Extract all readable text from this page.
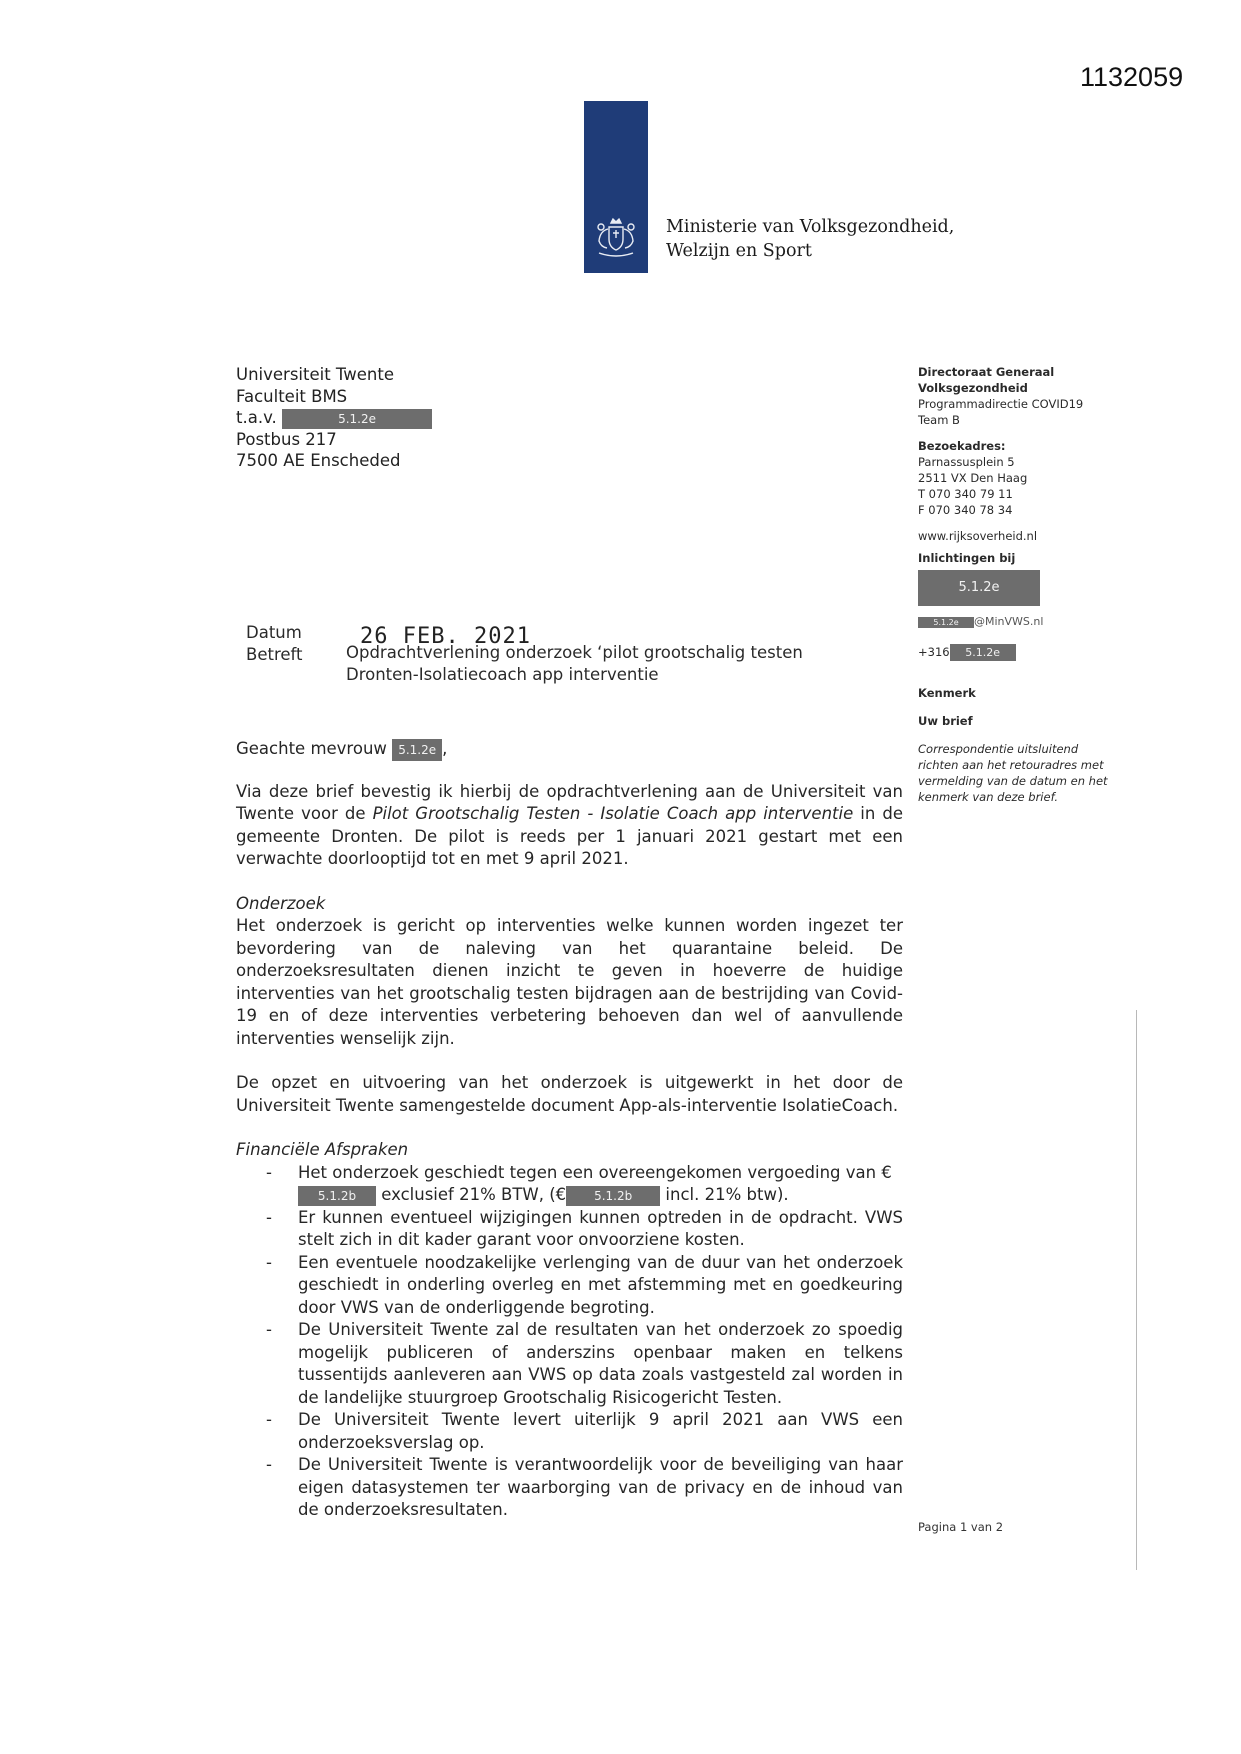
1132059
Ministerie van Volksgezondheid,
Welzijn en Sport
Universiteit Twente
Faculteit BMS
t.a.v.	5.1.2e
Postbus 217
7500 AE Enscheded
Directoraat Generaal
Volksgezondheid
Programmadirectie COVID19
Team B
Bezoekadres:
Parnassusplein 5
2511 VX Den Haag
T 070 340 79 11
F 070 340 78 34
www.rijksoverheid.nl
Inlichtingen bij
5.1.2e
5.1.2e @MinVWS.nl
+316 5.1.2e
Kenmerk
Uw brief
Correspondentie uitsluitend richten aan het retouradres met vermelding van de datum en het kenmerk van deze brief.
Datum
Betreft
26 FEB. 2021
Opdrachtverlening onderzoek ‘pilot grootschalig testen
Dronten-Isolatiecoach app interventie

Geachte mevrouw 5.1.2e ,

Via deze brief bevestig ik hierbij de opdrachtverlening aan de Universiteit van Twente voor de Pilot Grootschalig Testen - Isolatie Coach app interventie in de gemeente Dronten. De pilot is reeds per 1 januari 2021 gestart met een verwachte doorlooptijd tot en met 9 april 2021.

Onderzoek

Het onderzoek is gericht op interventies welke kunnen worden ingezet ter bevordering van de naleving van het quarantaine beleid. De onderzoeksresultaten dienen inzicht te geven in hoeverre de huidige interventies van het grootschalig testen bijdragen aan de bestrijding van Covid-19 en of deze interventies verbetering behoeven dan wel of aanvullende interventies wenselijk zijn.

De opzet en uitvoering van het onderzoek is uitgewerkt in het door de Universiteit Twente samengestelde document App-als-interventie IsolatieCoach.

Financiële Afspraken

- Het onderzoek geschiedt tegen een overeengekomen vergoeding van €
5.1.2b exclusief 21% BTW, (€ 5.1.2b incl. 21% btw).
- Er kunnen eventueel wijzigingen kunnen optreden in de opdracht. VWS stelt zich in dit kader garant voor onvoorziene kosten.
- Een eventuele noodzakelijke verlenging van de duur van het onderzoek geschiedt in onderling overleg en met afstemming met en goedkeuring door VWS van de onderliggende begroting.
- De Universiteit Twente zal de resultaten van het onderzoek zo spoedig mogelijk publiceren of anderszins openbaar maken en telkens tussentijds aanleveren aan VWS op data zoals vastgesteld zal worden in de landelijke stuurgroep Grootschalig Risicogericht Testen.
- De Universiteit Twente levert uiterlijk 9 april 2021 aan VWS een onderzoeksverslag op.
- De Universiteit Twente is verantwoordelijk voor de beveiliging van haar eigen datasystemen ter waarborging van de privacy en de inhoud van de onderzoeksresultaten.
Pagina 1 van 2
